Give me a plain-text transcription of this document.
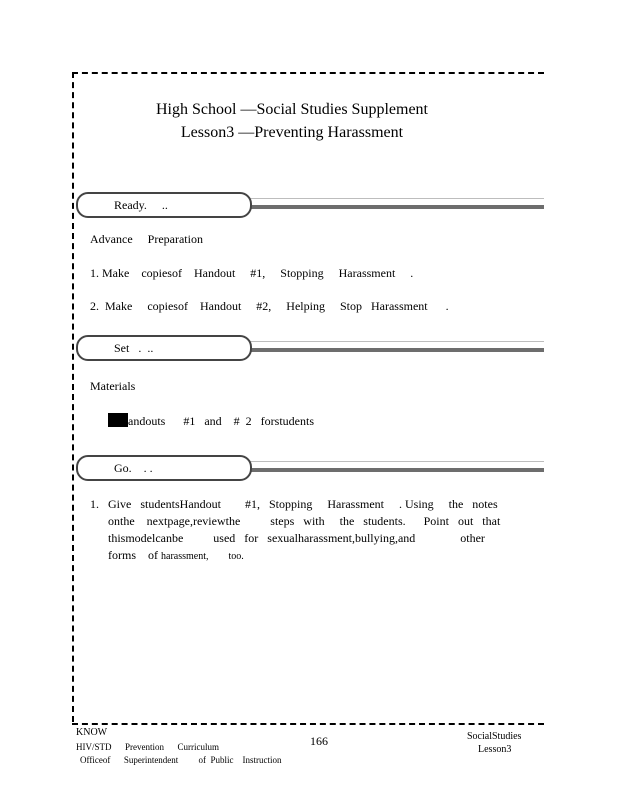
High School —Social Studies Supplement
Lesson3 —Preventing Harassment
Ready.     ..
Advance     Preparation
1. Make    copiesof    Handout     #1,     Stopping     Harassment     .
2.  Make     copiesof    Handout     #2,     Helping     Stop   Harassment      .
Set   .  ..
Materials
andouts      #1   and    #  2   forstudents
Go.    . .
1. Give   studentsHandout        #1,   Stopping     Harassment     . Using     the   notes
onthe    nextpage,reviewthe          steps   with     the   students.      Point   out   that
thismodelcanbe          used   for   sexualharassment,bullying,and               other
forms    of harassment,        too.
KNOW
HIV/STD      Prevention      Curriculum
Officeof      Superintendent         of  Public    Instruction
166	SocialStudies
Lesson3
